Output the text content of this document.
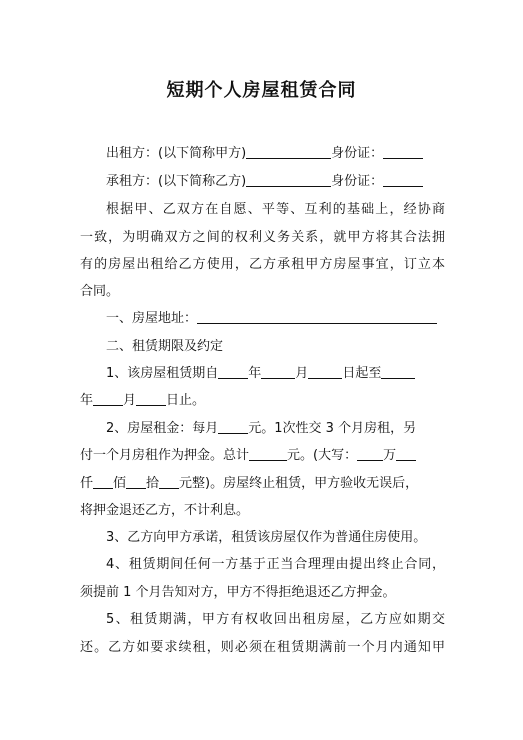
短期个人房屋租赁合同
出租方：(以下简称甲方)	身份证：
承租方：(以下简称乙方)	身份证：
根据甲、乙双方在自愿、平等、互利的基础上，经协商
一致，为明确双方之间的权利义务关系，就甲方将其合法拥
有的房屋出租给乙方使用，乙方承租甲方房屋事宜，订立本
合同。
一、房屋地址：
二、租赁期限及约定
1、该房屋租赁期自 年	月	日起至
年 月 日止。
2、房屋租金：每月 元。1次性交 3 个月房租，另
付一个月房租作为押金。总计	元。(大写： 万
仟 佰 拾 元整)。房屋终止租赁，甲方验收无误后，
将押金退还乙方，不计利息。
3、乙方向甲方承诺，租赁该房屋仅作为普通住房使用。
4、租赁期间任何一方基于正当合理理由提出终止合同，
须提前 1 个月告知对方，甲方不得拒绝退还乙方押金。
5、租赁期满，甲方有权收回出租房屋，乙方应如期交
还。乙方如要求续租，则必须在租赁期满前一个月内通知甲
